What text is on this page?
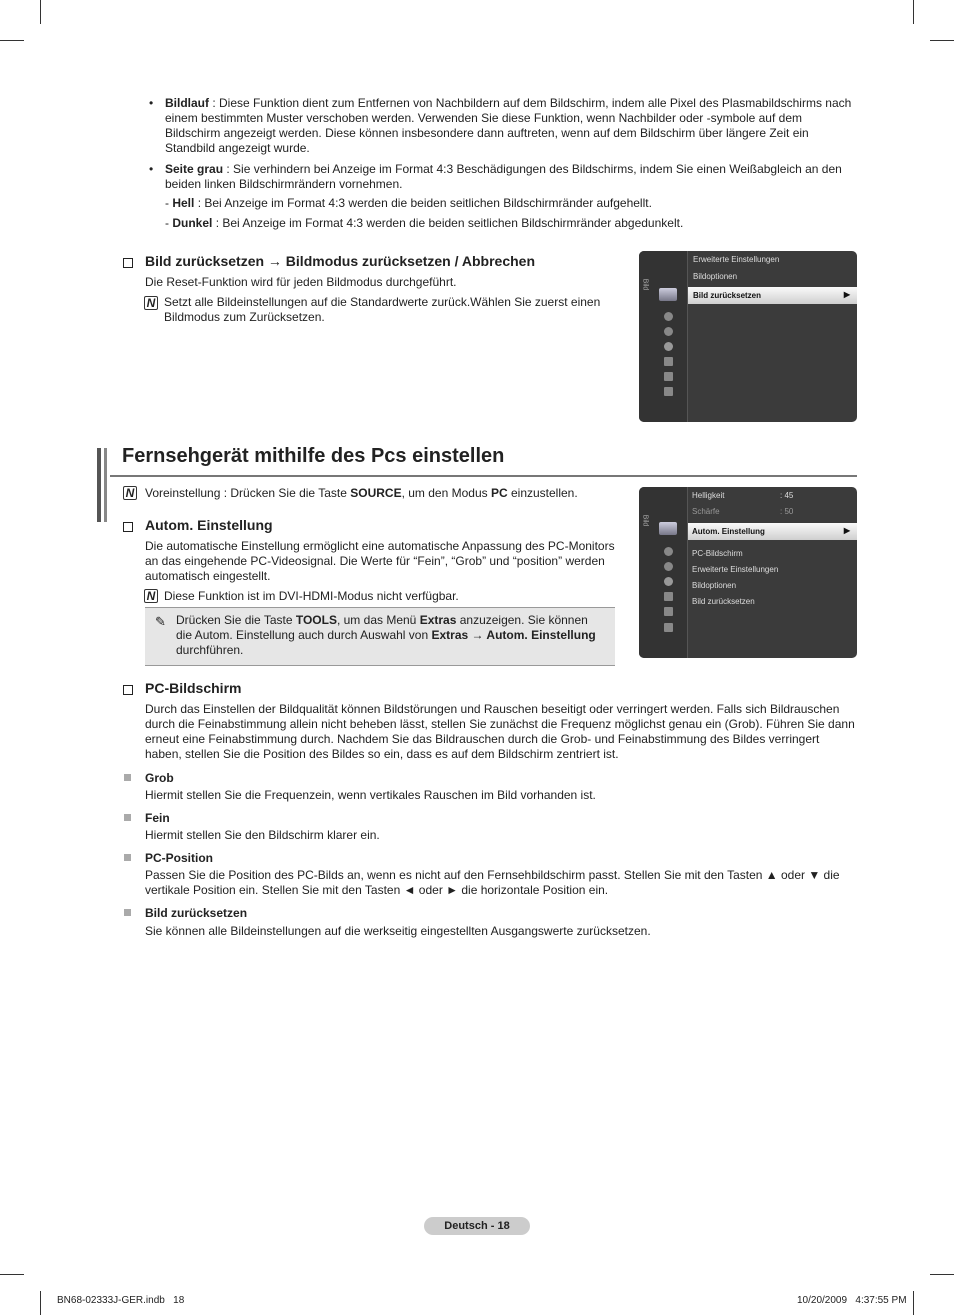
• Bildlauf : Diese Funktion dient zum Entfernen von Nachbildern auf dem Bildschirm, indem alle Pixel des Plasmabildschirms nach einem bestimmten Muster verschoben werden. Verwenden Sie diese Funktion, wenn Nachbilder oder -symbole auf dem Bildschirm angezeigt werden. Diese können insbesondere dann auftreten, wenn auf dem Bildschirm über längere Zeit ein Standbild angezeigt wurde.

• Seite grau : Sie verhindern bei Anzeige im Format 4:3 Beschädigungen des Bildschirms, indem Sie einen Weißabgleich an den beiden linken Bildschirmrändern vornehmen.

- Hell : Bei Anzeige im Format 4:3 werden die beiden seitlichen Bildschirmränder aufgehellt.

- Dunkel : Bei Anzeige im Format 4:3 werden die beiden seitlichen Bildschirmränder abgedunkelt.

Bild zurücksetzen → Bildmodus zurücksetzen / Abbrechen

Die Reset-Funktion wird für jeden Bildmodus durchgeführt.

N Setzt alle Bildeinstellungen auf die Standardwerte zurück.Wählen Sie zuerst einen Bildmodus zum Zurücksetzen.

Bild
Erweiterte Einstellungen
Bildoptionen
Bild zurücksetzen	▶
Fernsehgerät mithilfe des Pcs einstellen
N Voreinstellung : Drücken Sie die Taste SOURCE, um den Modus PC einzustellen.

Autom. Einstellung

Die automatische Einstellung ermöglicht eine automatische Anpassung des PC-Monitors an das eingehende PC-Videosignal. Die Werte für “Fein”, “Grob” und “position” werden automatisch eingestellt.

N Diese Funktion ist im DVI-HDMI-Modus nicht verfügbar.

✎ Drücken Sie die Taste TOOLS, um das Menü Extras anzuzeigen. Sie können die Autom. Einstellung auch durch Auswahl von Extras → Autom. Einstellung durchführen.

Bild
Helligkeit	: 45
Schärfe	: 50
Autom. Einstellung	▶
PC-Bildschirm
Erweiterte Einstellungen
Bildoptionen
Bild zurücksetzen
PC-Bildschirm

Durch das Einstellen der Bildqualität können Bildstörungen und Rauschen beseitigt oder verringert werden. Falls sich Bildrauschen durch die Feinabstimmung allein nicht beheben lässt, stellen Sie zunächst die Frequenz möglichst genau ein (Grob). Führen Sie dann erneut eine Feinabstimmung durch. Nachdem Sie das Bildrauschen durch die Grob- und Feinabstimmung des Bildes verringert haben, stellen Sie die Position des Bildes so ein, dass es auf dem Bildschirm zentriert ist.

Grob

Hiermit stellen Sie die Frequenzein, wenn vertikales Rauschen im Bild vorhanden ist.

Fein

Hiermit stellen Sie den Bildschirm klarer ein.

PC-Position

Passen Sie die Position des PC-Bilds an, wenn es nicht auf den Fernsehbildschirm passt. Stellen Sie mit den Tasten ▲ oder ▼ die vertikale Position ein. Stellen Sie mit den Tasten ◄ oder ► die horizontale Position ein.

Bild zurücksetzen

Sie können alle Bildeinstellungen auf die werkseitig eingestellten Ausgangswerte zurücksetzen.

Deutsch - 18
BN68-02333J-GER.indb   18	10/20/2009   4:37:55 PM
